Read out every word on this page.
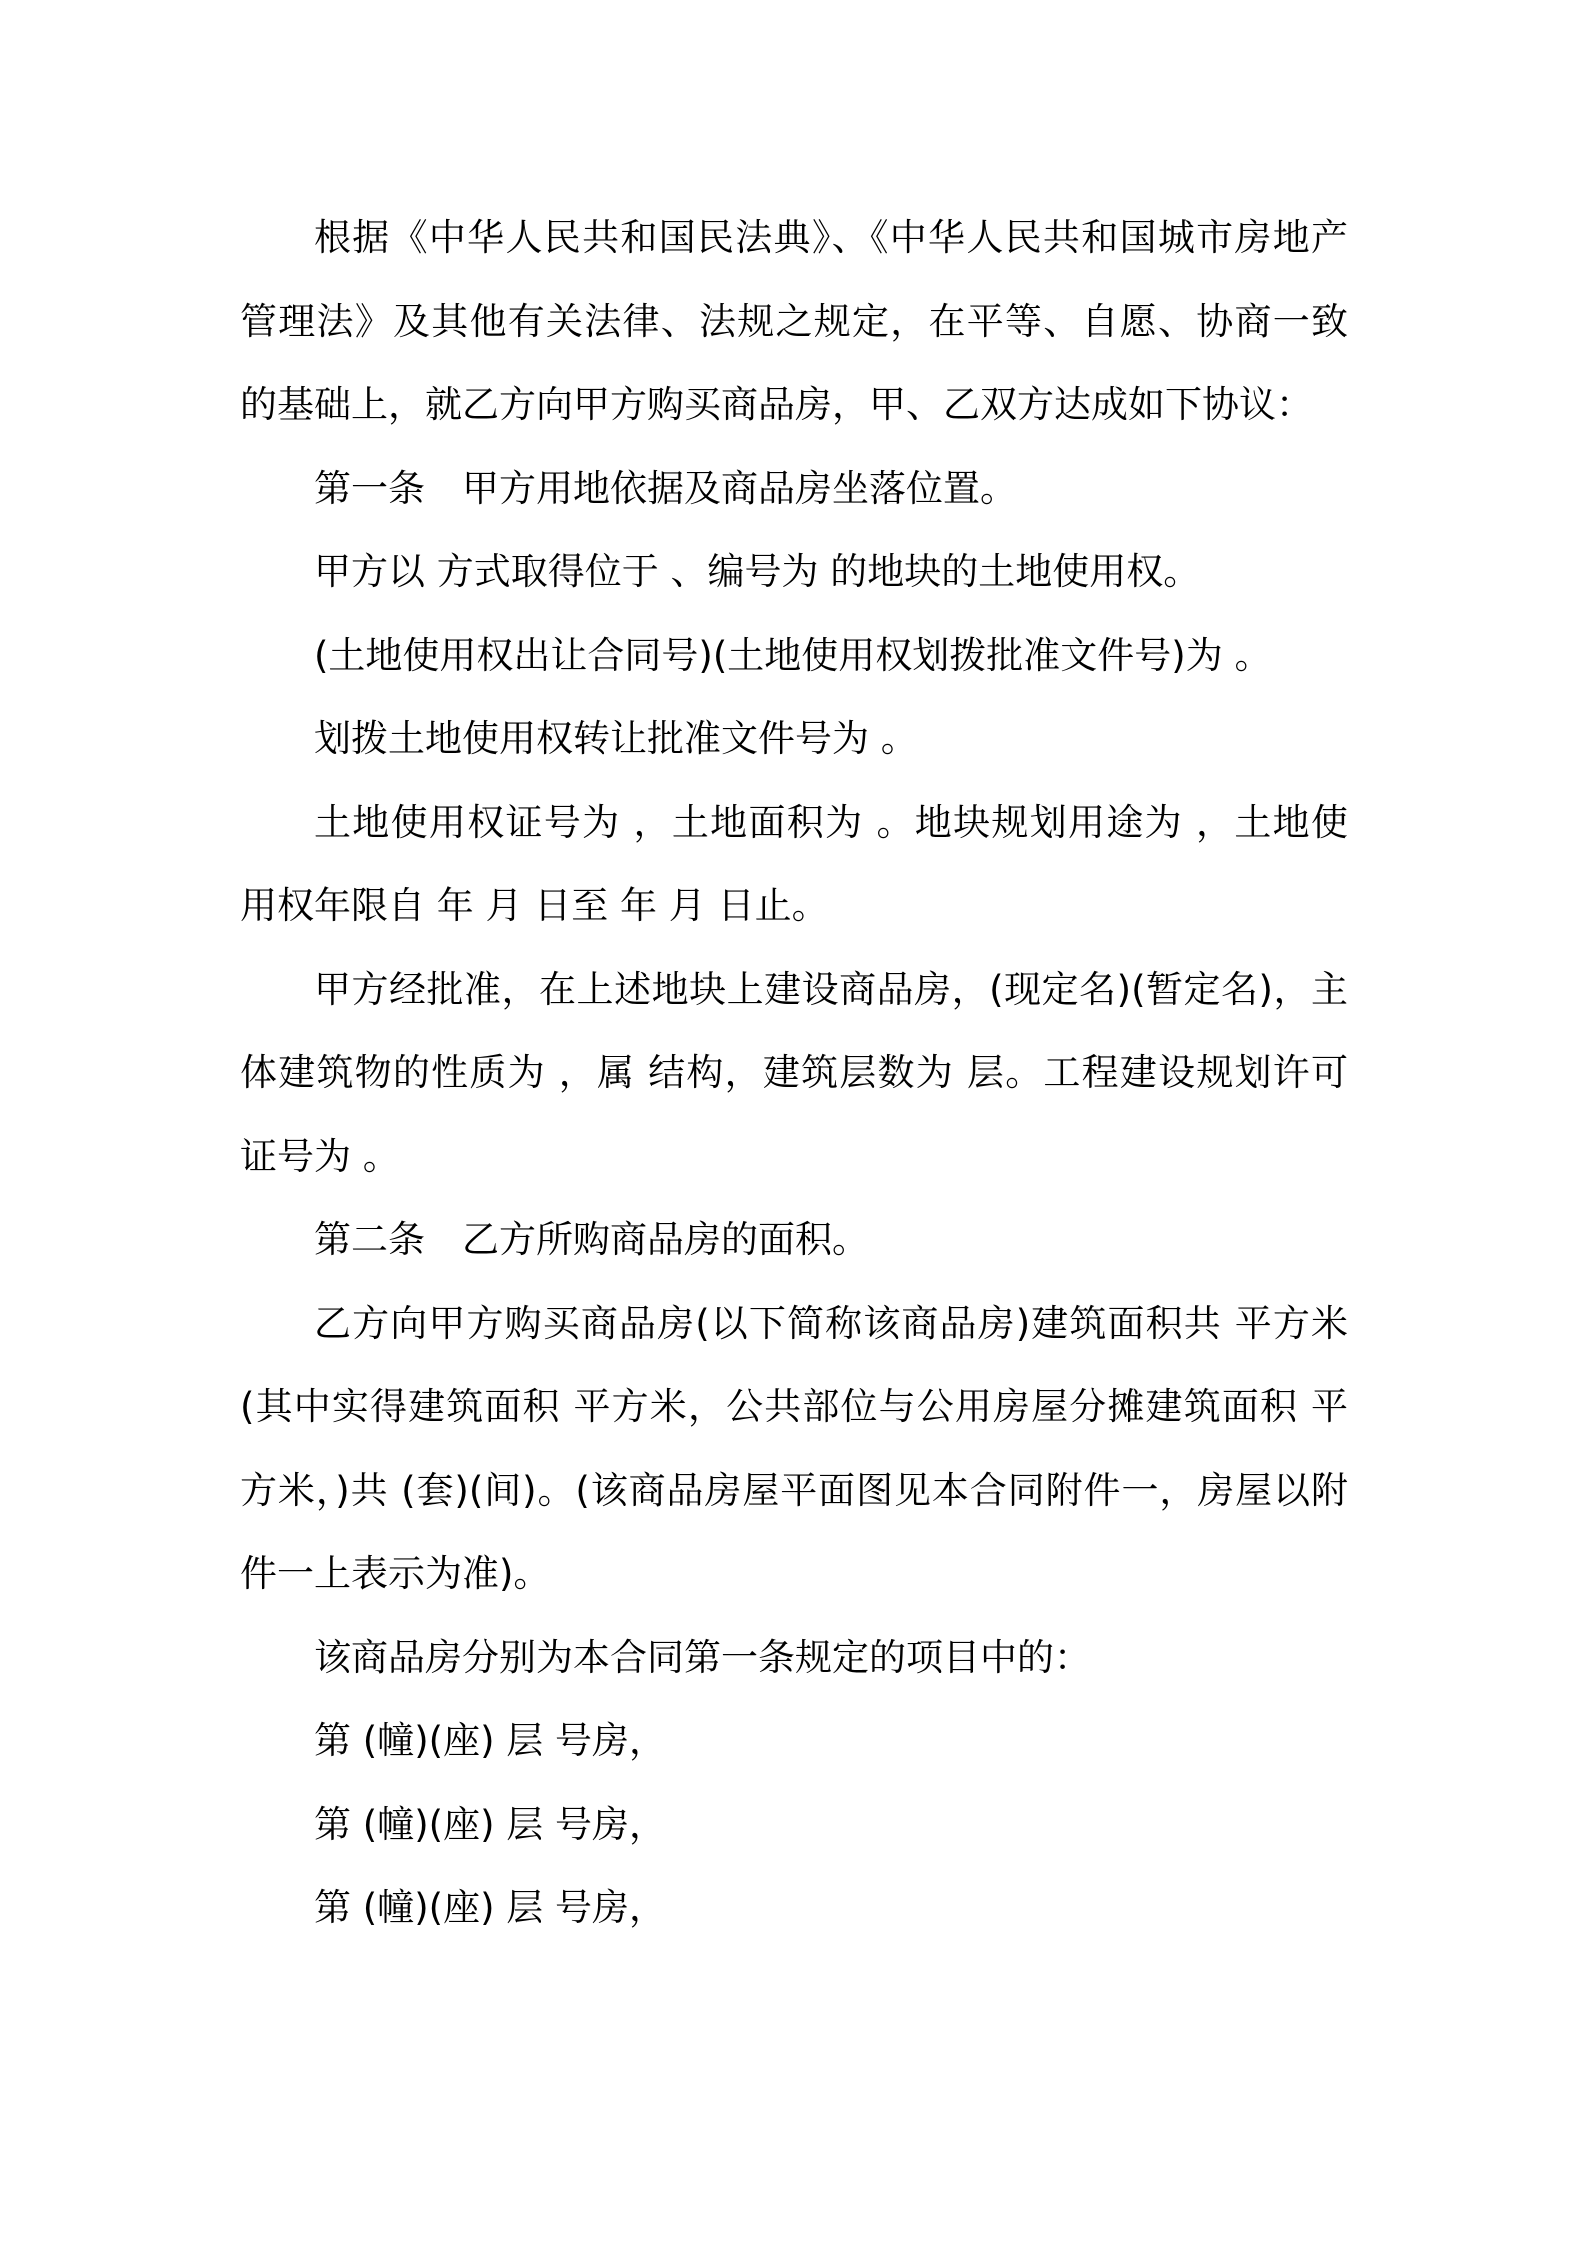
根据《中华人民共和国民法典》、《中华人民共和国城市房地产管理法》及其他有关法律、法规之规定，在平等、自愿、协商一致的基础上，就乙方向甲方购买商品房，甲、乙双方达成如下协议：

第一条　甲方用地依据及商品房坐落位置。

甲方以 方式取得位于 、编号为 的地块的土地使用权。

(土地使用权出让合同号)(土地使用权划拨批准文件号)为 。

划拨土地使用权转让批准文件号为 。

土地使用权证号为 ，土地面积为 。地块规划用途为 ，土地使用权年限自 年 月 日至 年 月 日止。

甲方经批准，在上述地块上建设商品房，(现定名)(暂定名)，主体建筑物的性质为 ，属 结构，建筑层数为 层。工程建设规划许可证号为 。

第二条　乙方所购商品房的面积。

乙方向甲方购买商品房(以下简称该商品房)建筑面积共 平方米(其中实得建筑面积 平方米，公共部位与公用房屋分摊建筑面积 平方米，)共 (套)(间)。(该商品房屋平面图见本合同附件一，房屋以附件一上表示为准)。

该商品房分别为本合同第一条规定的项目中的：

第 (幢)(座) 层 号房，

第 (幢)(座) 层 号房，

第 (幢)(座) 层 号房，
